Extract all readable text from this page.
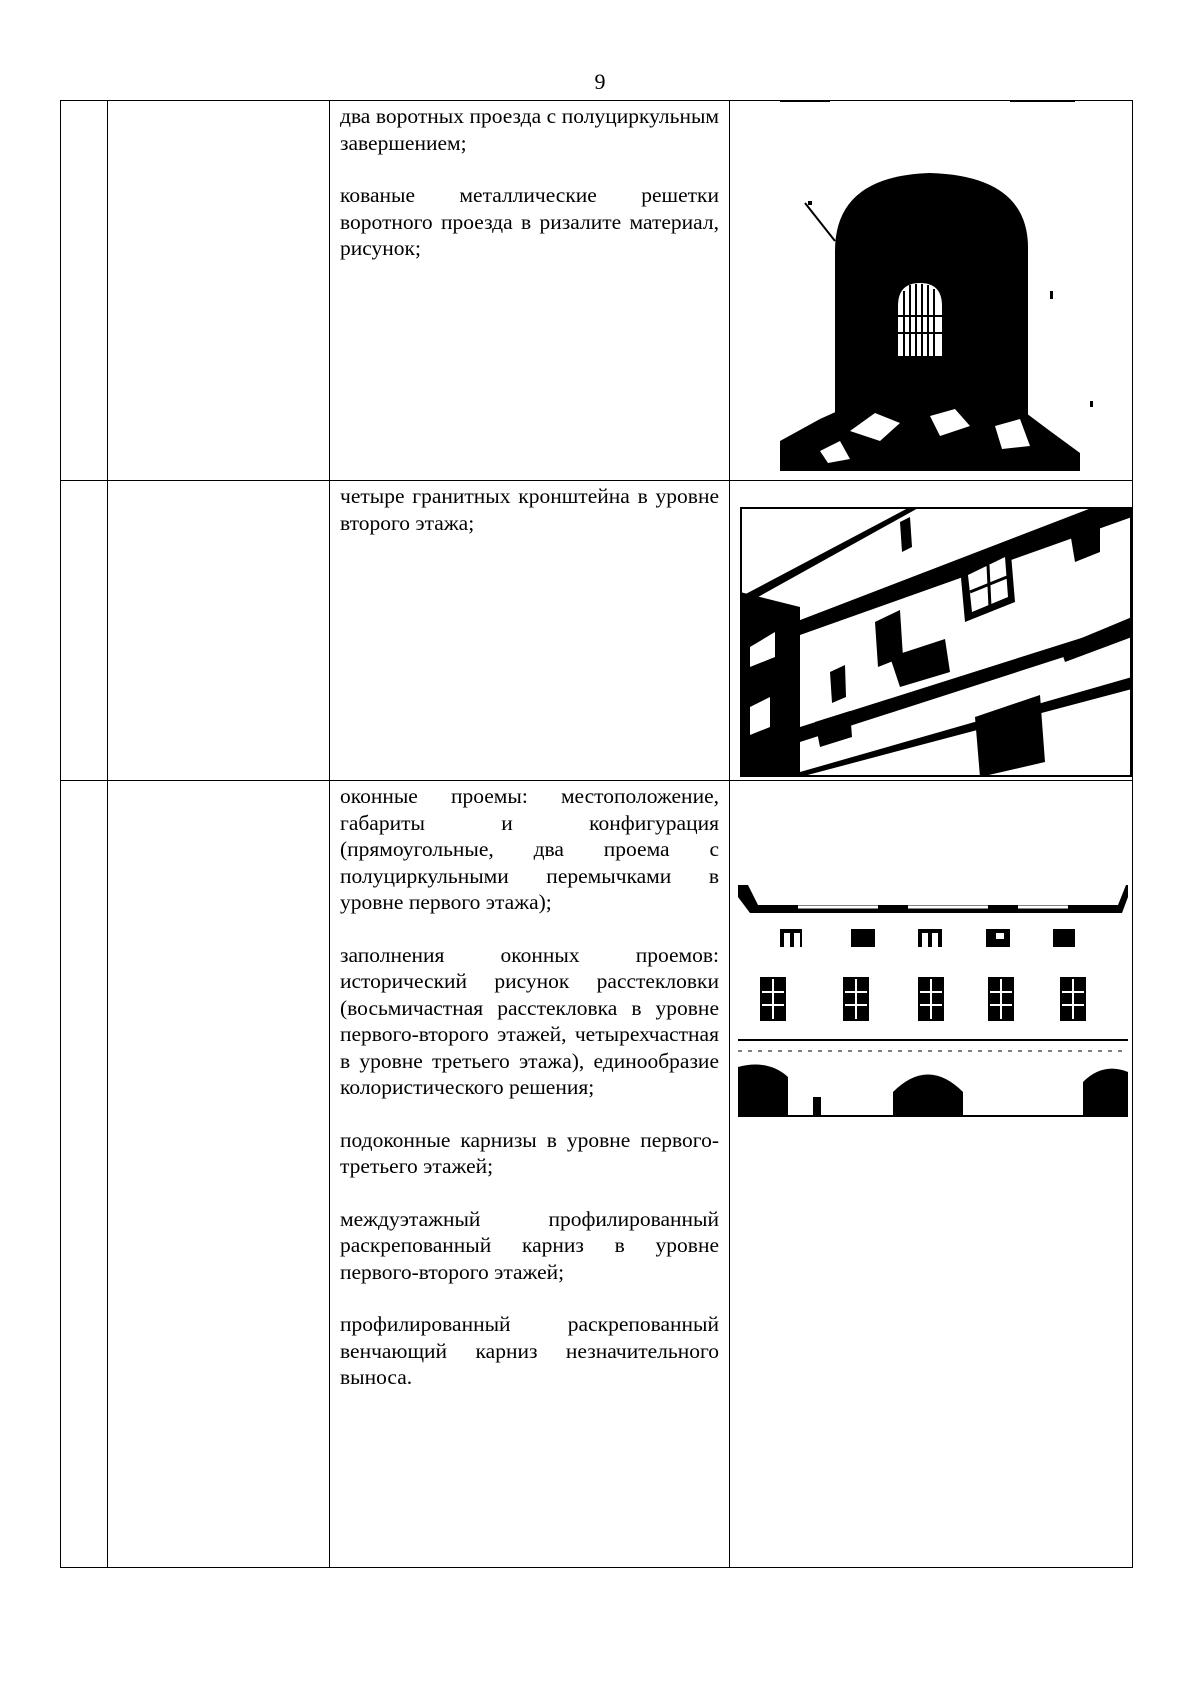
9

		два воротных проезда с полуциркульным завершением;

кованые металлические решетки воротного проезда в ризалите материал, рисунок;

		четыре гранитных кронштейна в уровне второго этажа;

		оконные проемы: местоположение, габариты и конфигурация (прямоугольные, два проема с полуциркульными перемычками в уровне первого этажа);

заполнения оконных проемов: исторический рисунок расстекловки (восьмичастная расстекловка в уровне первого-второго этажей, четырехчастная в уровне третьего этажа), единообразие колористического решения;

подоконные карнизы в уровне первого-третьего этажей;

междуэтажный профилированный раскрепованный карниз в уровне первого-второго этажей;

профилированный раскрепованный венчающий карниз незначительного выноса.
